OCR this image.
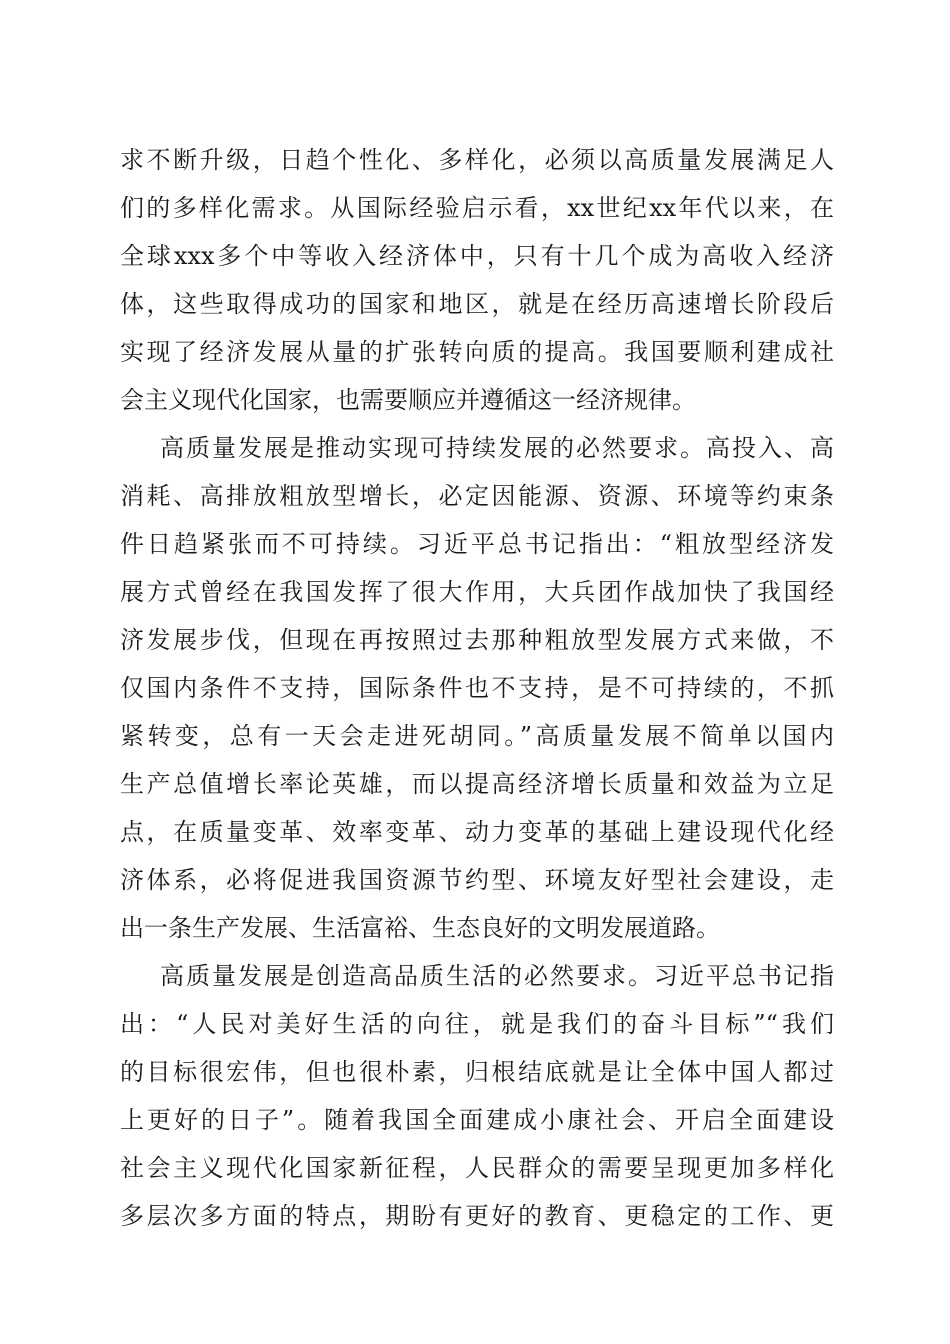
求不断升级，日趋个性化、多样化，必须以高质量发展满足人
们的多样化需求。从国际经验启示看，xx世纪xx年代以来，在
全球xxx多个中等收入经济体中，只有十几个成为高收入经济
体，这些取得成功的国家和地区，就是在经历高速增长阶段后
实现了经济发展从量的扩张转向质的提高。我国要顺利建成社
会主义现代化国家，也需要顺应并遵循这一经济规律。
高质量发展是推动实现可持续发展的必然要求。高投入、高
消耗、高排放粗放型增长，必定因能源、资源、环境等约束条
件日趋紧张而不可持续。习近平总书记指出：“粗放型经济发
展方式曾经在我国发挥了很大作用，大兵团作战加快了我国经
济发展步伐，但现在再按照过去那种粗放型发展方式来做，不
仅国内条件不支持，国际条件也不支持，是不可持续的，不抓
紧转变，总有一天会走进死胡同。”高质量发展不简单以国内
生产总值增长率论英雄，而以提高经济增长质量和效益为立足
点，在质量变革、效率变革、动力变革的基础上建设现代化经
济体系，必将促进我国资源节约型、环境友好型社会建设，走
出一条生产发展、生活富裕、生态良好的文明发展道路。
高质量发展是创造高品质生活的必然要求。习近平总书记指
出：“人民对美好生活的向往，就是我们的奋斗目标”“我们
的目标很宏伟，但也很朴素，归根结底就是让全体中国人都过
上更好的日子”。随着我国全面建成小康社会、开启全面建设
社会主义现代化国家新征程，人民群众的需要呈现更加多样化
多层次多方面的特点，期盼有更好的教育、更稳定的工作、更
